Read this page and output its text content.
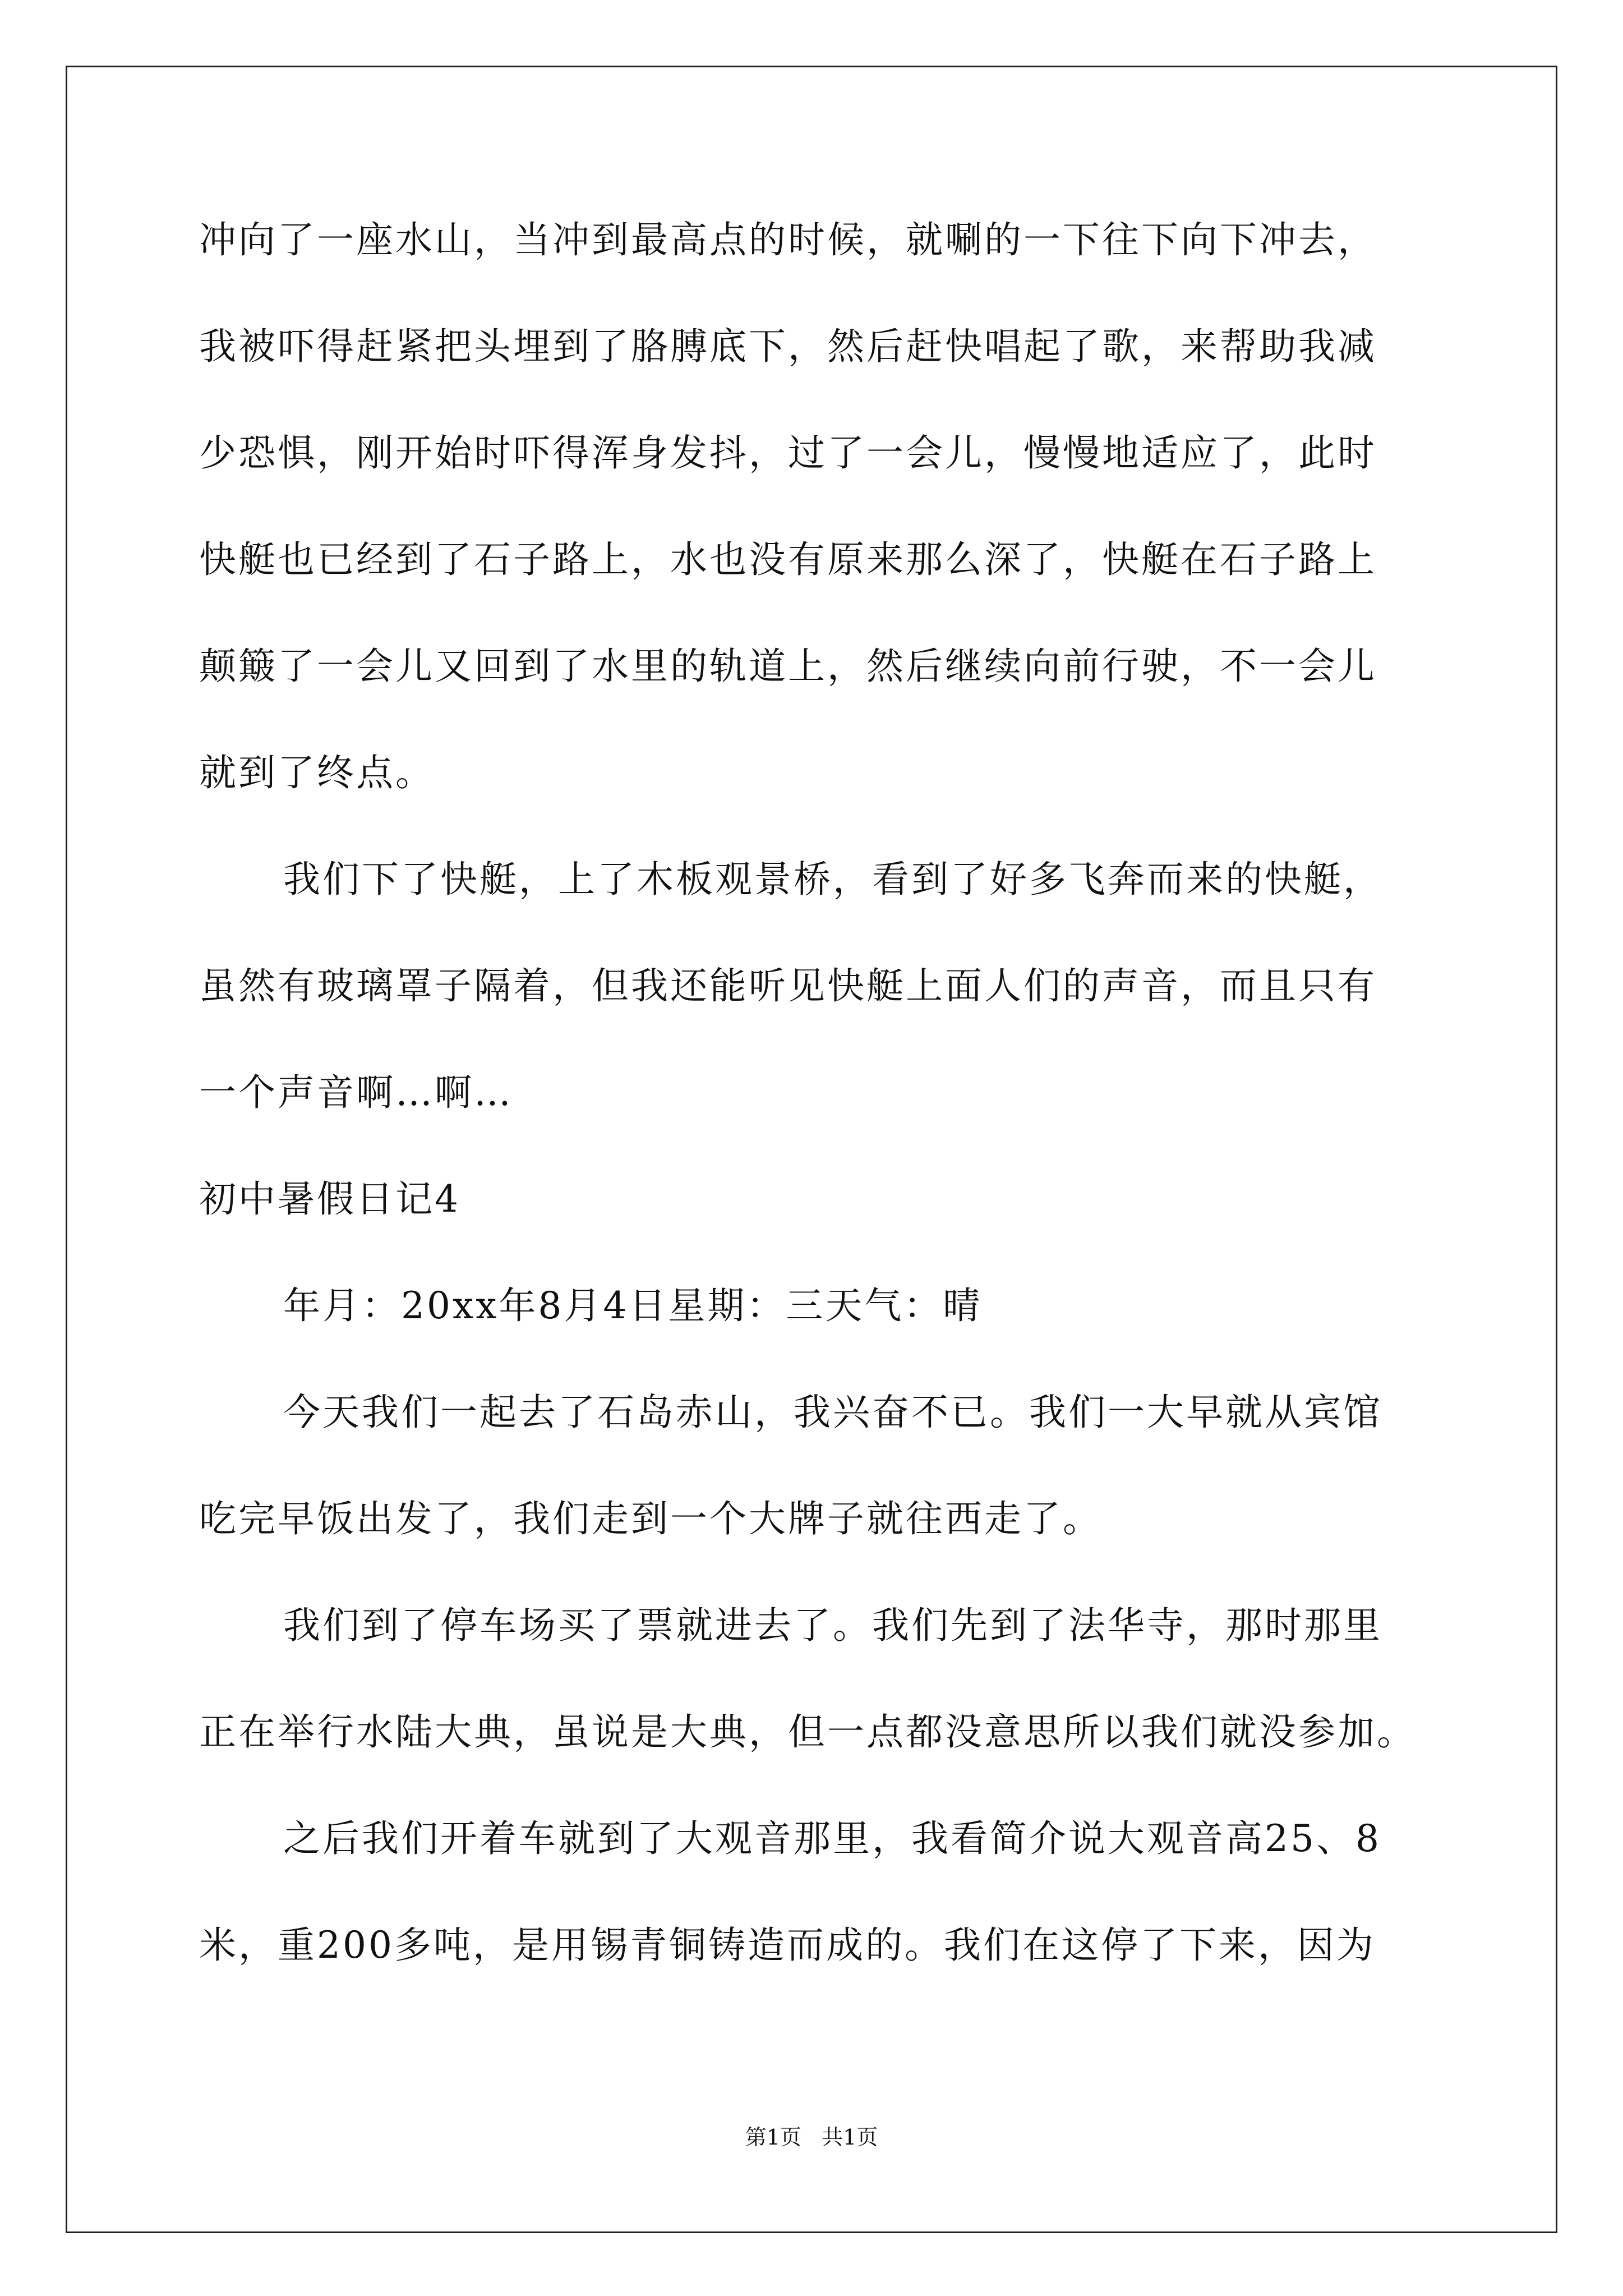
冲向了一座水山，当冲到最高点的时候，就唰的一下往下向下冲去，
我被吓得赶紧把头埋到了胳膊底下，然后赶快唱起了歌，来帮助我减
少恐惧，刚开始时吓得浑身发抖，过了一会儿，慢慢地适应了，此时
快艇也已经到了石子路上，水也没有原来那么深了，快艇在石子路上
颠簸了一会儿又回到了水里的轨道上，然后继续向前行驶，不一会儿
就到了终点。
我们下了快艇，上了木板观景桥，看到了好多飞奔而来的快艇，
虽然有玻璃罩子隔着，但我还能听见快艇上面人们的声音，而且只有
一个声音啊…啊…
初中暑假日记4
年月：20xx年8月4日星期：三天气：晴
今天我们一起去了石岛赤山，我兴奋不已。我们一大早就从宾馆
吃完早饭出发了，我们走到一个大牌子就往西走了。
我们到了停车场买了票就进去了。我们先到了法华寺，那时那里
正在举行水陆大典，虽说是大典，但一点都没意思所以我们就没参加。
之后我们开着车就到了大观音那里，我看简介说大观音高25、8
米，重200多吨，是用锡青铜铸造而成的。我们在这停了下来，因为
第1页 共1页
